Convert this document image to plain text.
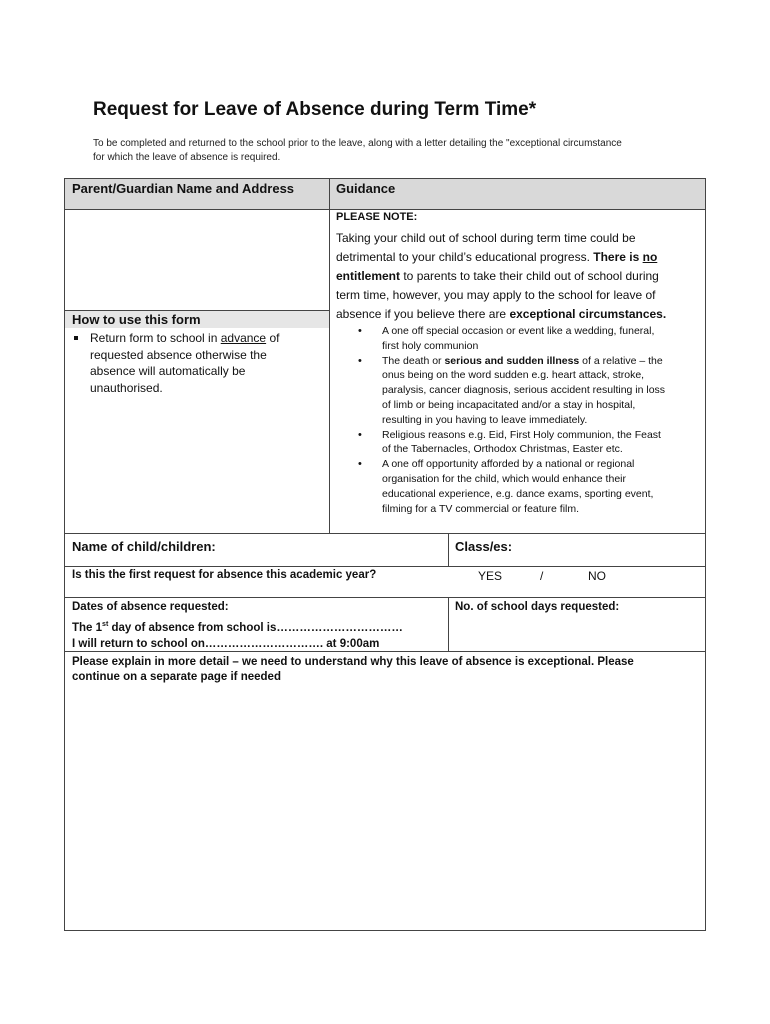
Request for Leave of Absence during Term Time*
To be completed and returned to the school prior to the leave, along with a letter detailing the "exceptional circumstance
for which the leave of absence is required.
Parent/Guardian Name and Address	Guidance
How to use this form
Return form to school in advance of
requested absence otherwise the
absence will automatically be
unauthorised.
PLEASE NOTE:
Taking your child out of school during term time could be
detrimental to your child’s educational progress. There is no
entitlement to parents to take their child out of school during
term time, however, you may apply to the school for leave of
absence if you believe there are exceptional circumstances.
• A one off special occasion or event like a wedding, funeral,
first holy communion
• The death or serious and sudden illness of a relative – the
onus being on the word sudden e.g. heart attack, stroke,
paralysis, cancer diagnosis, serious accident resulting in loss
of limb or being incapacitated and/or a stay in hospital,
resulting in you having to leave immediately.
• Religious reasons e.g. Eid, First Holy communion, the Feast
of the Tabernacles, Orthodox Christmas, Easter etc.
• A one off opportunity afforded by a national or regional
organisation for the child, which would enhance their
educational experience, e.g. dance exams, sporting event,
filming for a TV commercial or feature film.
Name of child/children:	Class/es:
Is this the first request for absence this academic year?	YES	/	NO
Dates of absence requested:	No. of school days requested:
The 1st day of absence from school is……………………………
I will return to school on…………………………. at 9:00am
Please explain in more detail – we need to understand why this leave of absence is exceptional. Please
continue on a separate page if needed
